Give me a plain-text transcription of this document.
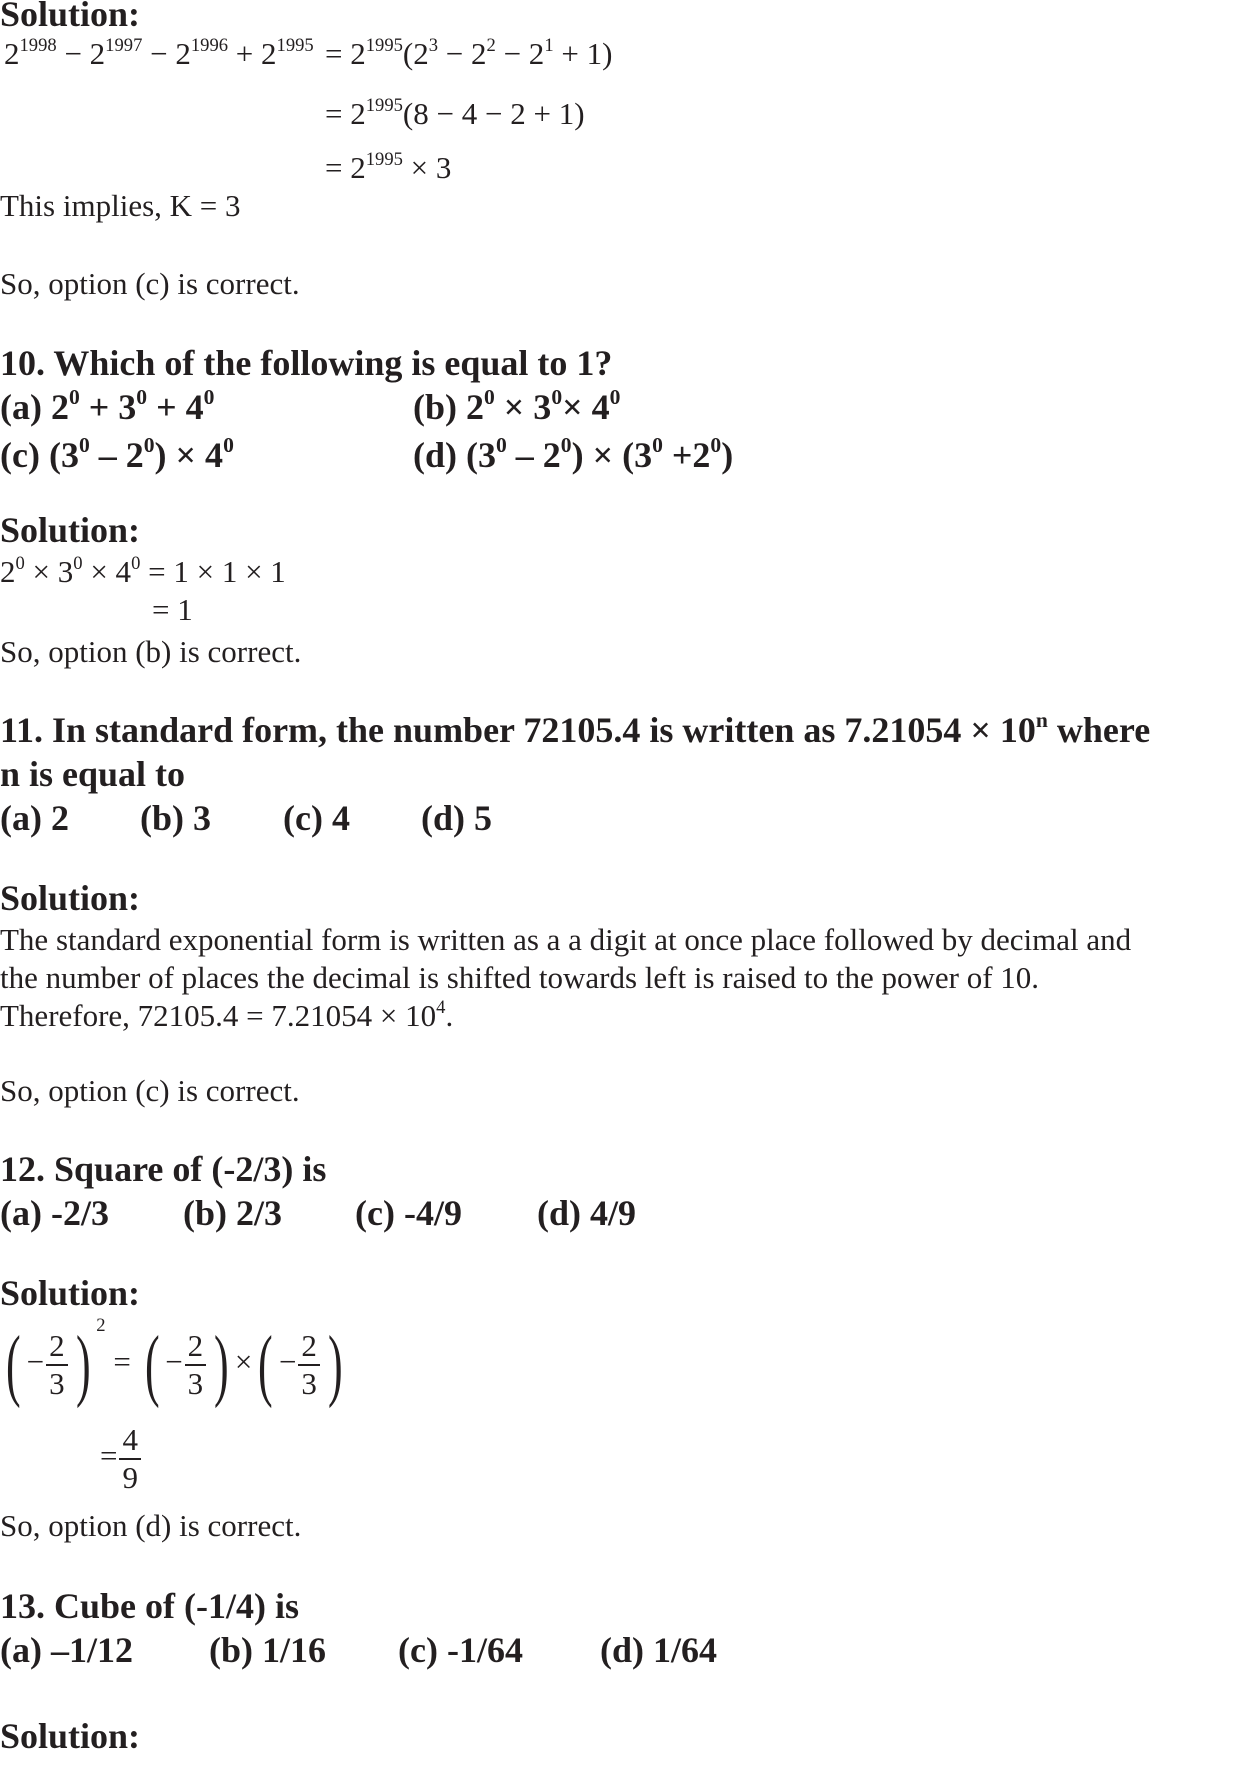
Solution:
$2^{1998} - 2^{1997} - 2^{1996} + 2^{1995} = 2^{1995}(2^3 - 2^2 - 2^1 + 1)$
= $2^{1995}(8 - 4 - 2 + 1)$
= $2^{1995} \times 3$
This implies, K = 3
So, option (c) is correct.
10. Which of the following is equal to 1?
(a) $2^0 + 3^0 + 4^0$	(b) $2^0 \times 3^0\times 4^0$
(c) $(3^0 - 2^0) \times 4^0$	(d) $(3^0 - 2^0) \times (3^0 +2^0)$
Solution:
$2^0 \times 3^0 \times 4^0 = 1 \times 1 \times 1$
= 1
So, option (b) is correct.
11. In standard form, the number 72105.4 is written as $7.21054 \times 10^n$ where
n is equal to
(a) 2 (b) 3 (c) 4 (d) 5
Solution:
The standard exponential form is written as a a digit at once place followed by decimal and
the number of places the decimal is shifted towards left is raised to the power of 10.
Therefore, $72105.4 = 7.21054 \times 10^4$.
So, option (c) is correct.
12. Square of (-2/3) is
(a) -2/3 (b) 2/3 (c) -4/9 (d) 4/9
Solution:
( − $\frac{2}{3}$ ) $^2$ = ( − $\frac{2}{3}$ ) ×( − $\frac{2}{3}$ )
= $\frac{4}{9}$
So, option (d) is correct.
13. Cube of (-1/4) is
(a) –1/12 (b) 1/16 (c) -1/64 (d) 1/64
Solution:
